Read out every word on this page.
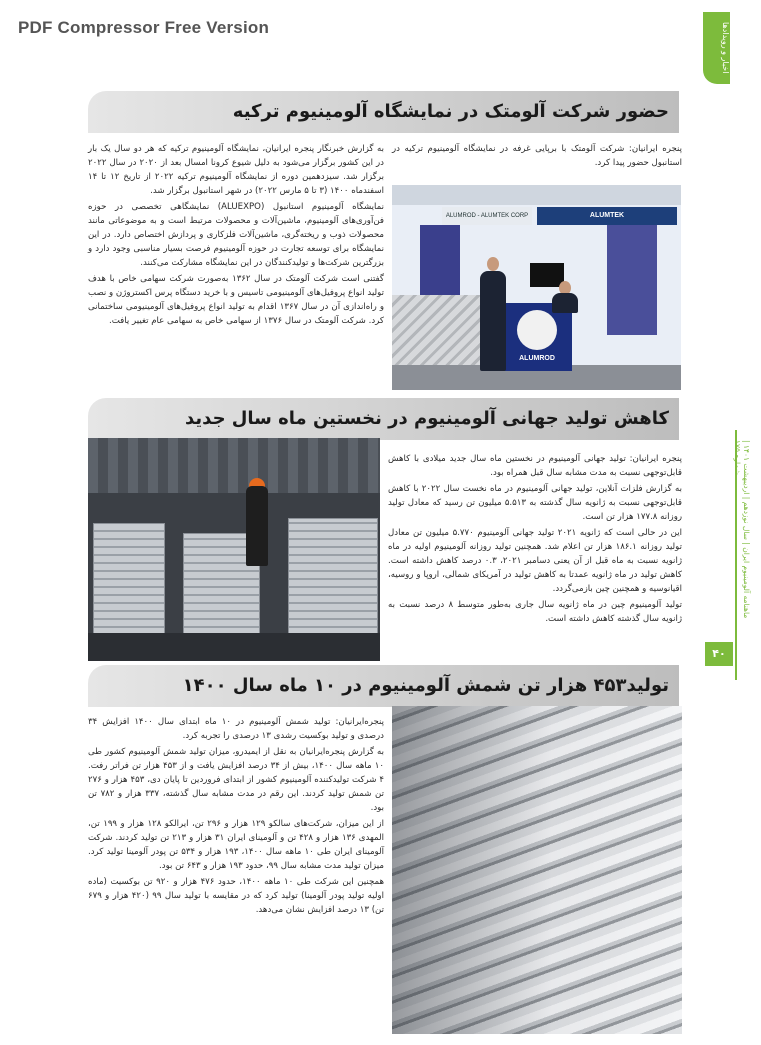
PDF Compressor Free Version	اخبار و رویدادها
ماهنامه آلومینیوم ایران | سال نوزدهم | اردیبهشت ۱۴۰۱ | شماره ۱۷۵
۴۰
حضور شرکت آلومتک در نمایشگاه آلومینیوم ترکیه

پنجره ایرانیان: شرکت آلومتک با برپایی غرفه در نمایشگاه آلومینیوم ترکیه در استانبول حضور پیدا کرد.

به گزارش خبرنگار پنجره ایرانیان، نمایشگاه آلومینیوم ترکیه که هر دو سال یک بار در این کشور برگزار می‌شود به دلیل شیوع کرونا امسال بعد از ۲۰۲۰ در سال ۲۰۲۲ برگزار شد. سیزدهمین دوره از نمایشگاه آلومینیوم ترکیه ۲۰۲۲ از تاریخ ۱۲ تا ۱۴ اسفندماه ۱۴۰۰ (۳ تا ۵ مارس ۲۰۲۲) در شهر استانبول برگزار شد.

نمایشگاه آلومینیوم استانبول (ALUEXPO) نمایشگاهی تخصصی در حوزه فن‌آوری‌های آلومینیوم، ماشین‌آلات و محصولات مرتبط است و به موضوعاتی مانند محصولات ذوب و ریخته‌گری، ماشین‌آلات فلزکاری و پردازش اختصاص دارد. در این نمایشگاه برای توسعه تجارت در حوزه آلومینیوم فرصت بسیار مناسبی وجود دارد و بزرگترین شرکت‌ها و تولیدکنندگان در این نمایشگاه مشارکت می‌کنند.

گفتنی است شرکت آلومتک در سال ۱۳۶۲ به‌صورت شرکت سهامی خاص با هدف تولید انواع پروفیل‌های آلومینیومی تاسیس و با خرید دستگاه پرس اکستروژن و نصب و راه‌اندازی آن در سال ۱۳۶۷ اقدام به تولید انواع پروفیل‌های آلومینیومی ساختمانی کرد. شرکت آلومتک در سال ۱۳۷۶ از سهامی خاص به سهامی عام تغییر یافت.

ALUMROD - ALUMTEK CORP	ALUMTEK
ALUMROD
کاهش تولید جهانی آلومینیوم در نخستین ماه سال جدید

پنجره ایرانیان: تولید جهانی آلومینیوم در نخستین ماه سال جدید میلادی با کاهش قابل‌توجهی نسبت به مدت مشابه سال قبل همراه بود.

به گزارش فلزات آنلاین، تولید جهانی آلومینیوم در ماه نخست سال ۲۰۲۲ با کاهش قابل‌توجهی نسبت به ژانویه سال گذشته به ۵.۵۱۳ میلیون تن رسید که معادل تولید روزانه ۱۷۷.۸ هزار تن است.

این در حالی است که ژانویه ۲۰۲۱ تولید جهانی آلومینیوم ۵.۷۷۰ میلیون تن معادل تولید روزانه ۱۸۶.۱ هزار تن اعلام شد. همچنین تولید روزانه آلومینیوم اولیه در ماه ژانویه نسبت به ماه قبل از آن یعنی دسامبر ۲۰۲۱، ۰.۳ درصد کاهش داشته است. کاهش تولید در ماه ژانویه عمدتا به کاهش تولید در آمریکای شمالی، اروپا و روسیه، اقیانوسیه و همچنین چین بازمی‌گردد.

تولید آلومینیوم چین در ماه ژانویه سال جاری به‌طور متوسط ۸ درصد نسبت به ژانویه سال گذشته کاهش داشته است.

تولید۴۵۳ هزار تن شمش آلومینیوم در ۱۰ ماه سال ۱۴۰۰

پنجره‌ایرانیان: تولید شمش آلومینیوم در ۱۰ ماه ابتدای سال ۱۴۰۰ افزایش ۳۴ درصدی و تولید بوکسیت رشدی ۱۳ درصدی را تجربه کرد.

به گزارش پنجره‌ایرانیان به نقل از ایمیدرو، میزان تولید شمش آلومینیوم کشور طی ۱۰ ماهه سال ۱۴۰۰، بیش از ۳۴ درصد افزایش یافت و از ۴۵۳ هزار تن فراتر رفت. ۴ شرکت تولیدکننده آلومینیوم کشور از ابتدای فروردین تا پایان دی، ۴۵۳ هزار و ۲۷۶ تن شمش تولید کردند. این رقم در مدت مشابه سال گذشته، ۳۳۷ هزار و ۷۸۲ تن بود.

از این میزان، شرکت‌های سالکو ۱۲۹ هزار و ۲۹۶ تن، ایرالکو ۱۲۸ هزار و ۱۹۹ تن، المهدی ۱۳۶ هزار و ۴۲۸ تن و آلومینای ایران ۳۱ هزار و ۲۱۳ تن تولید کردند. شرکت آلومینای ایران طی ۱۰ ماهه سال ۱۴۰۰، ۱۹۳ هزار و ۵۳۴ تن پودر آلومینا تولید کرد. میزان تولید مدت مشابه سال ۹۹، حدود ۱۹۳ هزار و ۶۴۳ تن بود.

همچنین این شرکت طی ۱۰ ماهه ۱۴۰۰، حدود ۴۷۶ هزار و ۹۲۰ تن بوکسیت (ماده اولیه تولید پودر آلومینا) تولید کرد که در مقایسه با تولید سال ۹۹ (۴۲۰ هزار و ۶۷۹ تن) ۱۳ درصد افزایش نشان می‌دهد.
